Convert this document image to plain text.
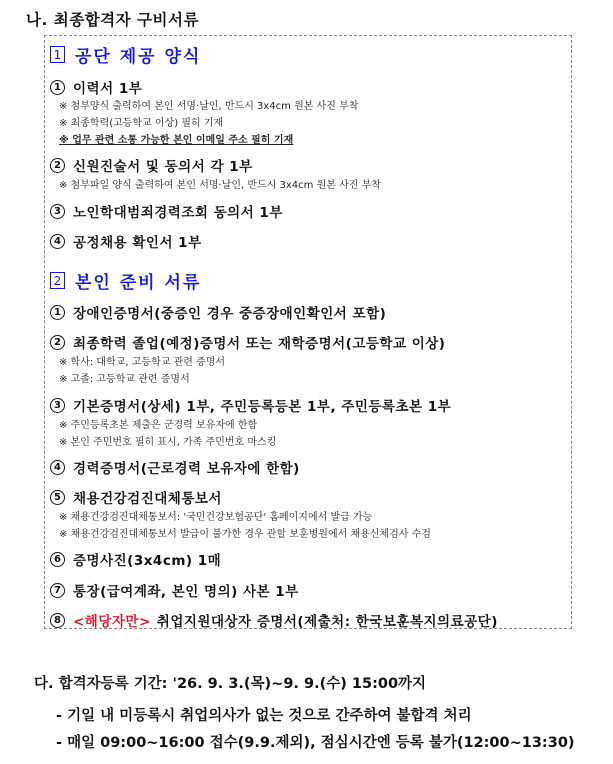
나. 최종합격자 구비서류
1 공단 제공 양식
1 이력서 1부
※ 첨부양식 출력하여 본인 서명·날인, 반드시 3x4cm 원본 사진 부착
※ 최종학력(고등학교 이상) 필히 기재
※ 업무 관련 소통 가능한 본인 이메일 주소 필히 기재
2 신원진술서 및 동의서 각 1부
※ 첨부파일 양식 출력하여 본인 서명·날인, 반드시 3x4cm 원본 사진 부착
3 노인학대범죄경력조회 동의서 1부
4 공정채용 확인서 1부
2 본인 준비 서류
1 장애인증명서(중증인 경우 중증장애인확인서 포함)
2 최종학력 졸업(예정)증명서 또는 재학증명서(고등학교 이상)
※ 학사: 대학교, 고등학교 관련 증명서
※ 고졸: 고등학교 관련 증명서
3 기본증명서(상세) 1부, 주민등록등본 1부, 주민등록초본 1부
※ 주민등록초본 제출은 군경력 보유자에 한함
※ 본인 주민번호 필히 표시, 가족 주민번호 마스킹
4 경력증명서(근로경력 보유자에 한함)
5 채용건강검진대체통보서
※ 채용건강검진대체통보서: '국민건강보험공단' 홈페이지에서 발급 가능
※ 채용건강검진대체통보서 발급이 불가한 경우 관할 보훈병원에서 채용신체검사 수검
6 증명사진(3x4cm) 1매
7 통장(급여계좌, 본인 명의) 사본 1부
8 <해당자만> 취업지원대상자 증명서(제출처: 한국보훈복지의료공단)
다. 합격자등록 기간: '26. 9. 3.(목)~9. 9.(수) 15:00까지
- 기일 내 미등록시 취업의사가 없는 것으로 간주하여 불합격 처리
- 매일 09:00~16:00 접수(9.9.제외), 점심시간엔 등록 불가(12:00~13:30)
